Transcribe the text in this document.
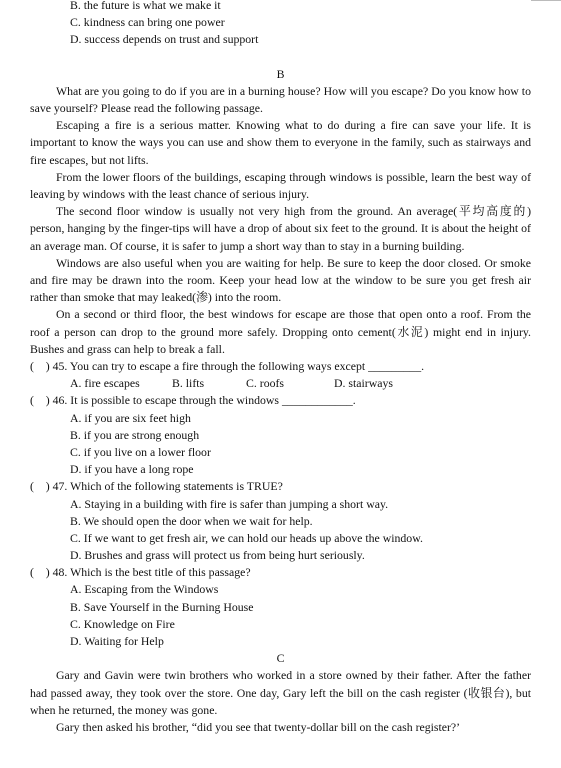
B. the future is what we make it
C. kindness can bring one power
D. success depends on trust and support
B
What are you going to do if you are in a burning house? How will you escape? Do you know how to save yourself? Please read the following passage.
Escaping a fire is a serious matter. Knowing what to do during a fire can save your life. It is important to know the ways you can use and show them to everyone in the family, such as stairways and fire escapes, but not lifts.
From the lower floors of the buildings, escaping through windows is possible, learn the best way of leaving by windows with the least chance of serious injury.
The second floor window is usually not very high from the ground. An average(平均高度的) person, hanging by the finger-tips will have a drop of about six feet to the ground. It is about the height of an average man. Of course, it is safer to jump a short way than to stay in a burning building.
Windows are also useful when you are waiting for help. Be sure to keep the door closed. Or smoke and fire may be drawn into the room. Keep your head low at the window to be sure you get fresh air rather than smoke that may leaked(渗) into the room.
On a second or third floor, the best windows for escape are those that open onto a roof. From the roof a person can drop to the ground more safely. Dropping onto cement(水泥) might end in injury. Bushes and grass can help to break a fall.
(    ) 45. You can try to escape a fire through the following ways except _________.
A. fire escapes	B. lifts	C. roofs	D. stairways
(    ) 46. It is possible to escape through the windows ____________.
A. if you are six feet high
B. if you are strong enough
C. if you live on a lower floor
D. if you have a long rope
(    ) 47. Which of the following statements is TRUE?
A. Staying in a building with fire is safer than jumping a short way.
B. We should open the door when we wait for help.
C. If we want to get fresh air, we can hold our heads up above the window.
D. Brushes and grass will protect us from being hurt seriously.
(    ) 48. Which is the best title of this passage?
A. Escaping from the Windows
B. Save Yourself in the Burning House
C. Knowledge on Fire
D. Waiting for Help
C
Gary and Gavin were twin brothers who worked in a store owned by their father. After the father had passed away, they took over the store. One day, Gary left the bill on the cash register (收银台), but when he returned, the money was gone.
Gary then asked his brother, “did you see that twenty-dollar bill on the cash register?’
